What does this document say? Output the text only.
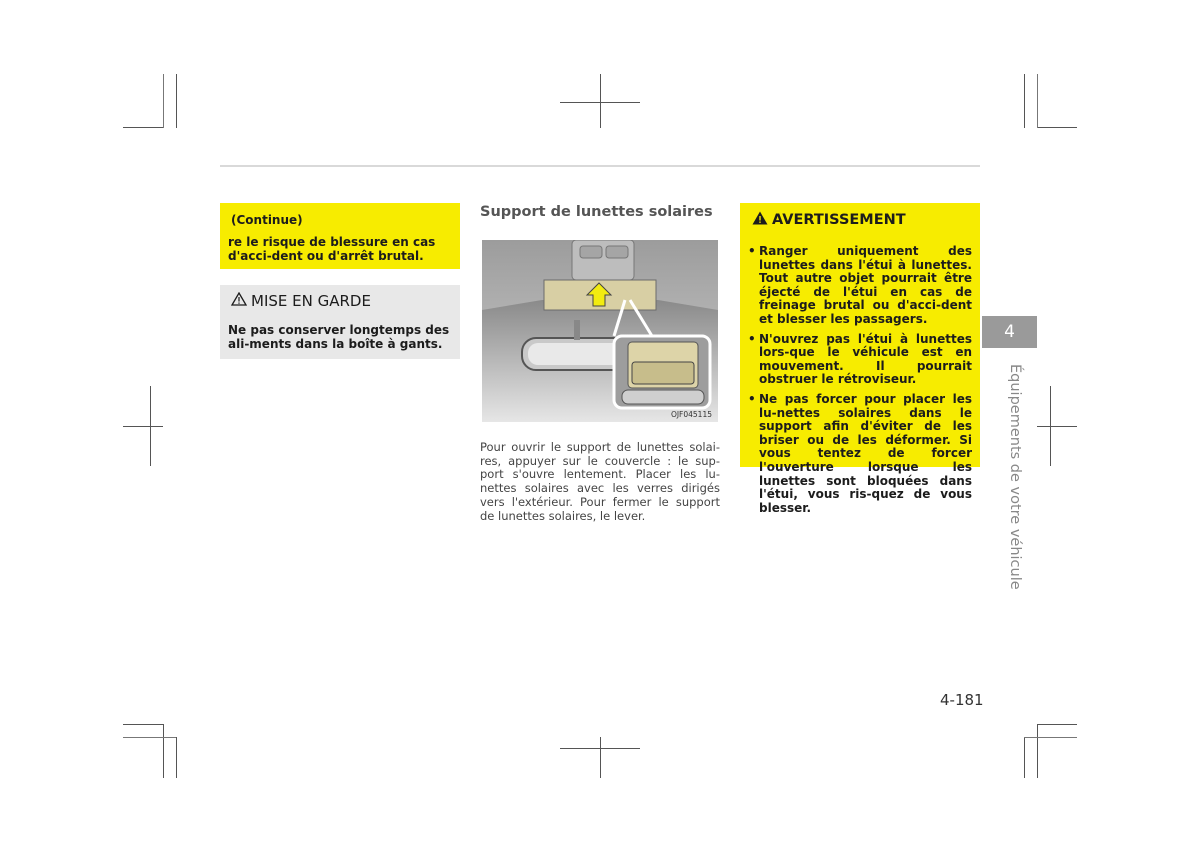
(Continue)
re le risque de blessure en cas d'acci-dent ou d'arrêt brutal.
MISE EN GARDE
Ne pas conserver longtemps des ali-ments dans la boîte à gants.
Support de lunettes solaires
OJF045115
Pour ouvrir le support de lunettes solai-res, appuyer sur le couvercle : le sup-port s'ouvre lentement. Placer les lu-nettes solaires avec les verres dirigés vers l'extérieur. Pour fermer le support de lunettes solaires, le lever.
AVERTISSEMENT
• Ranger uniquement des lunettes dans l'étui à lunettes. Tout autre objet pourrait être éjecté de l'étui en cas de freinage brutal ou d'acci-dent et blesser les passagers.
• N'ouvrez pas l'étui à lunettes lors-que le véhicule est en mouvement. Il pourrait obstruer le rétroviseur.
• Ne pas forcer pour placer les lu-nettes solaires dans le support afin d'éviter de les briser ou de les déformer. Si vous tentez de forcer l'ouverture lorsque les lunettes sont bloquées dans l'étui, vous ris-quez de vous blesser.
4
Équipements de votre véhicule
4-181
